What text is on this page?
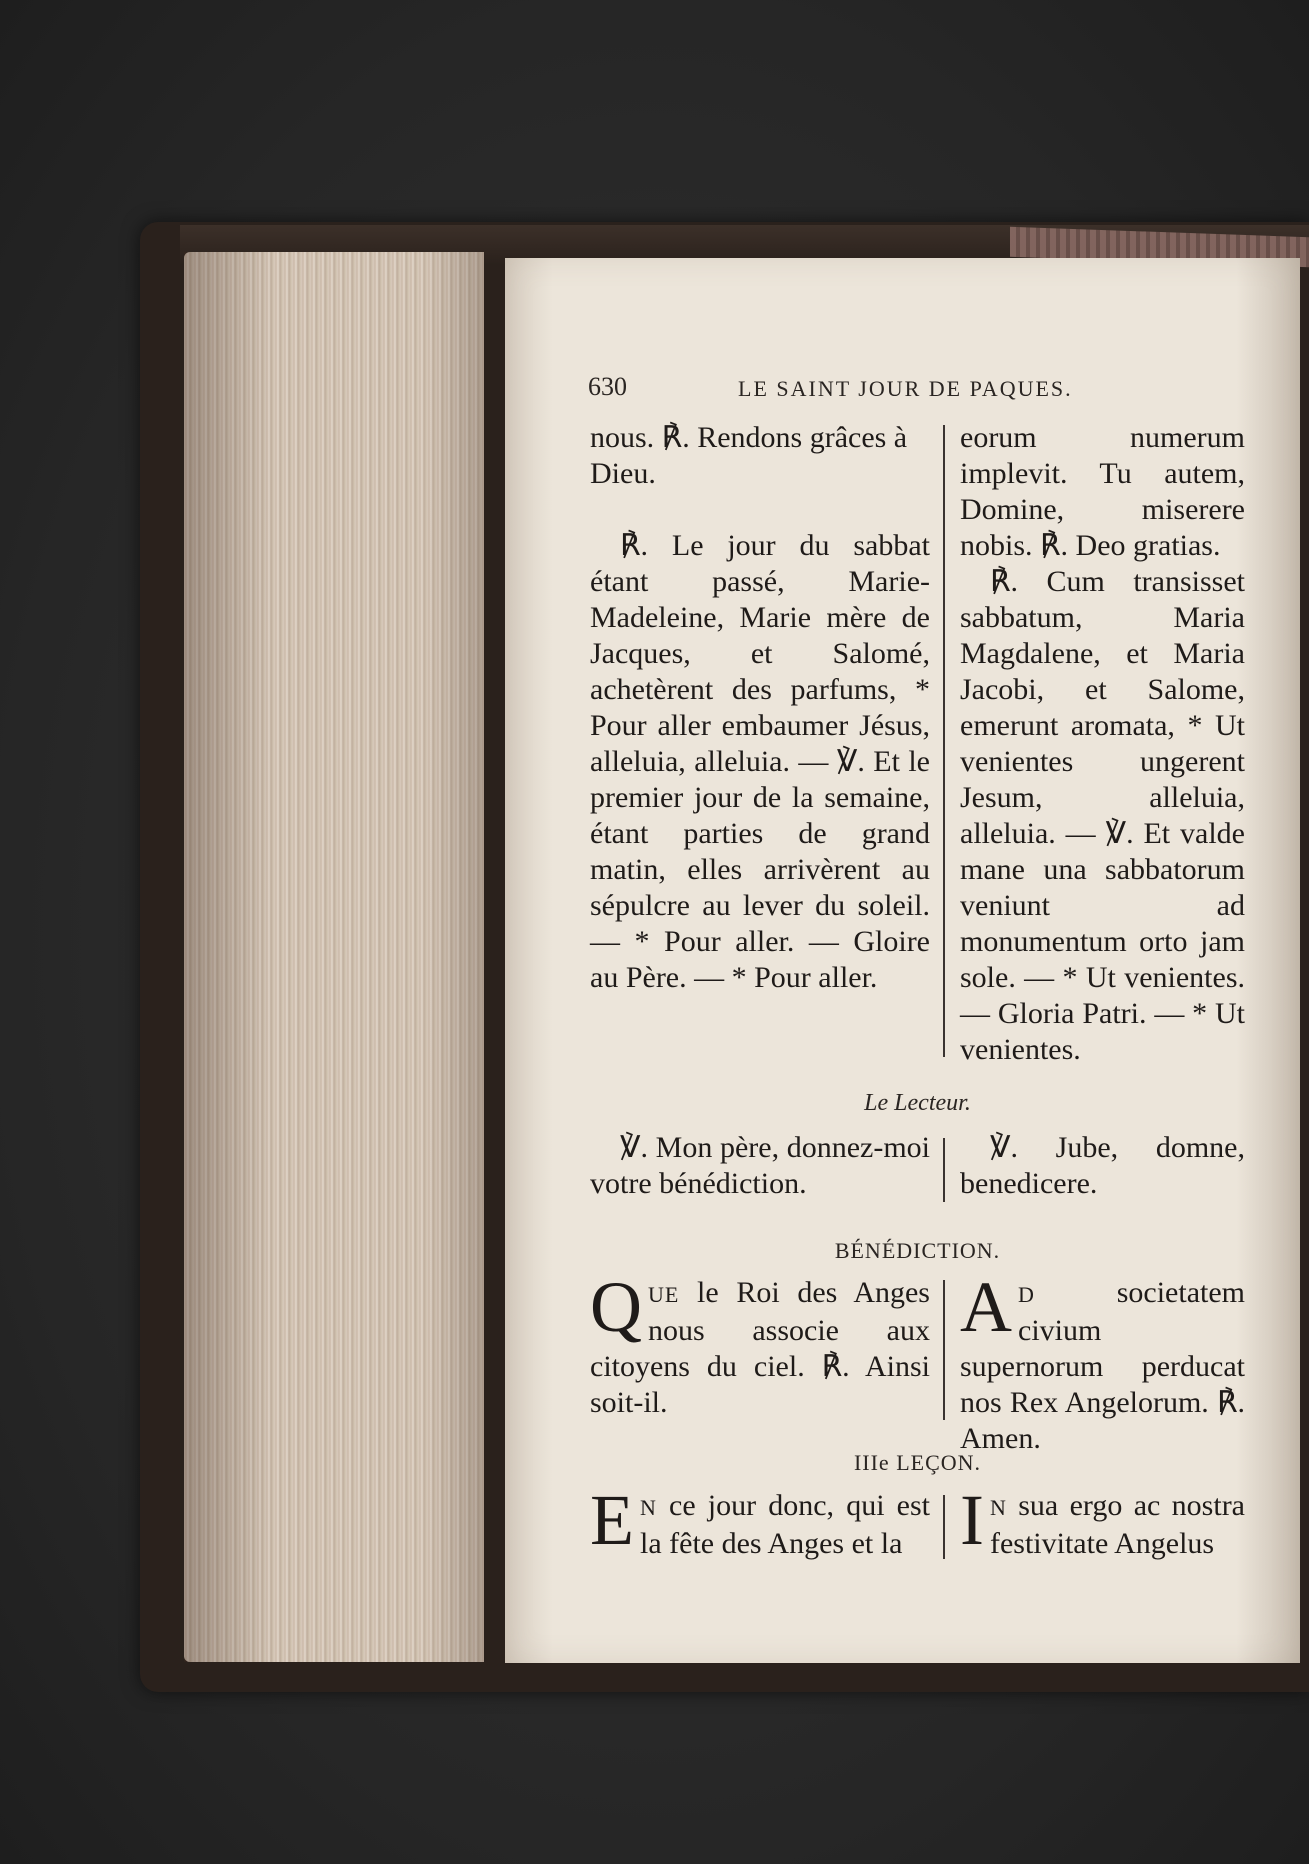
630	LE SAINT JOUR DE PAQUES.

nous. ℟. Rendons grâces à Dieu.

℟. Le jour du sabbat étant passé, Marie-Madeleine, Marie mère de Jacques, et Salomé, achetèrent des parfums, * Pour aller embaumer Jésus, alleluia, alleluia. — ℣. Et le premier jour de la semaine, étant parties de grand matin, elles arrivèrent au sépulcre au lever du soleil. — * Pour aller. — Gloire au Père. — * Pour aller.

eorum numerum implevit. Tu autem, Domine, miserere nobis. ℟. Deo gratias.

℟. Cum transisset sabbatum, Maria Magdalene, et Maria Jacobi, et Salome, emerunt aromata, * Ut venientes ungerent Jesum, alleluia, alleluia. — ℣. Et valde mane una sabbatorum veniunt ad monumentum orto jam sole. — * Ut venientes. — Gloria Patri. — * Ut venientes.

Le Lecteur.

℣. Mon père, donnez-moi votre bénédiction.

℣. Jube, domne, benedicere.

BÉNÉDICTION.

QUE le Roi des Anges nous associe aux citoyens du ciel. ℟. Ainsi soit-il.

A D societatem civium supernorum perducat nos Rex Angelorum. ℟. Amen.

IIIe LEÇON.

E N ce jour donc, qui est la fête des Anges et la I N sua ergo ac nostra festivitate Angelus
